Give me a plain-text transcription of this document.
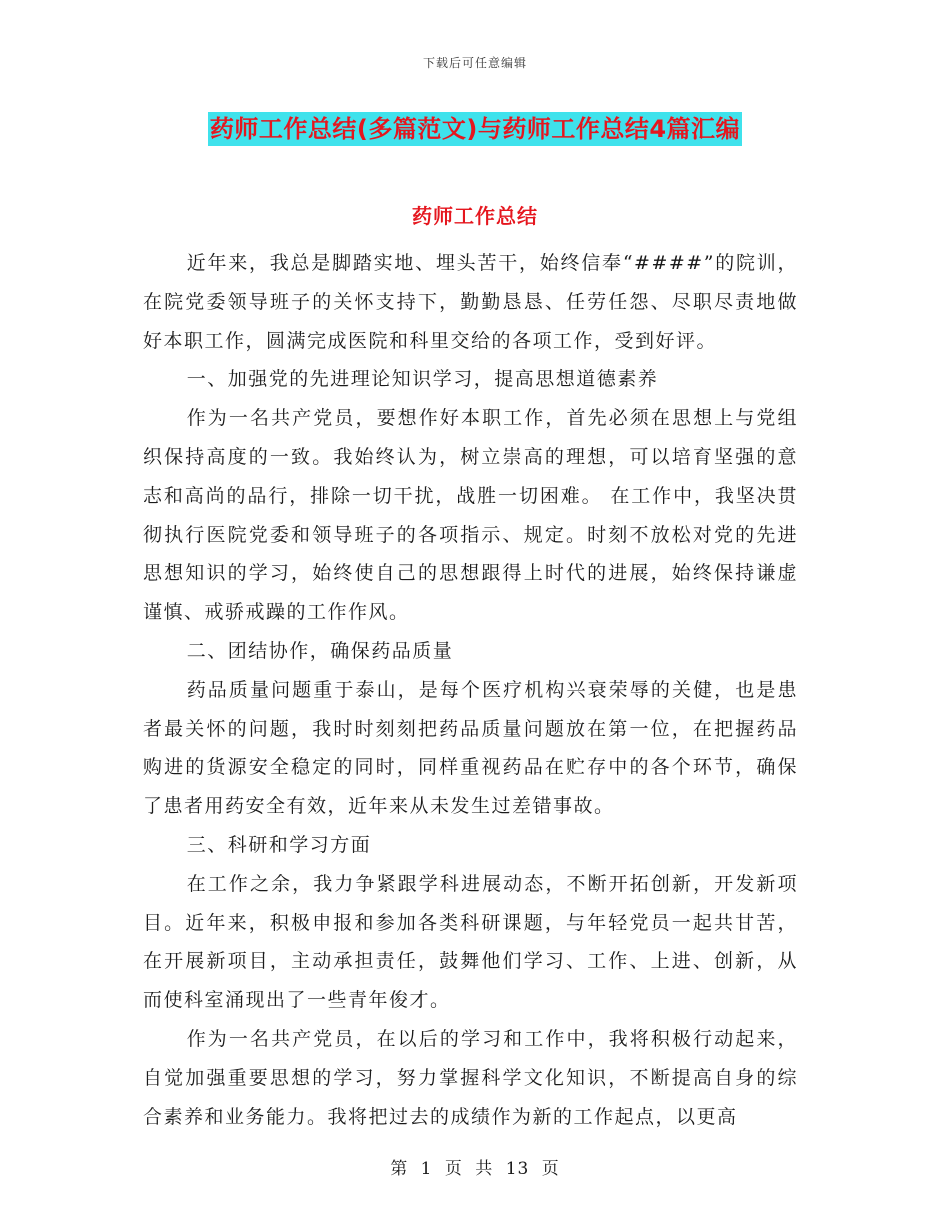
下载后可任意编辑
药师工作总结(多篇范文)与药师工作总结4篇汇编
药师工作总结

近年来，我总是脚踏实地、埋头苦干，始终信奉“####”的院训，在院党委领导班子的关怀支持下，勤勤恳恳、任劳任怨、尽职尽责地做好本职工作，圆满完成医院和科里交给的各项工作，受到好评。

一、加强党的先进理论知识学习，提高思想道德素养

作为一名共产党员，要想作好本职工作，首先必须在思想上与党组织保持高度的一致。我始终认为，树立崇高的理想，可以培育坚强的意志和高尚的品行，排除一切干扰，战胜一切困难。 在工作中，我坚决贯彻执行医院党委和领导班子的各项指示、规定。时刻不放松对党的先进思想知识的学习，始终使自己的思想跟得上时代的进展，始终保持谦虚谨慎、戒骄戒躁的工作作风。

二、团结协作，确保药品质量

药品质量问题重于泰山，是每个医疗机构兴衰荣辱的关健，也是患者最关怀的问题，我时时刻刻把药品质量问题放在第一位，在把握药品购进的货源安全稳定的同时，同样重视药品在贮存中的各个环节，确保了患者用药安全有效，近年来从未发生过差错事故。

三、科研和学习方面

在工作之余，我力争紧跟学科进展动态，不断开拓创新，开发新项目。近年来，积极申报和参加各类科研课题，与年轻党员一起共甘苦，在开展新项目，主动承担责任，鼓舞他们学习、工作、上进、创新，从而使科室涌现出了一些青年俊才。

作为一名共产党员，在以后的学习和工作中，我将积极行动起来，自觉加强重要思想的学习，努力掌握科学文化知识，不断提高自身的综合素养和业务能力。我将把过去的成绩作为新的工作起点，以更高

第 1 页 共 13 页
